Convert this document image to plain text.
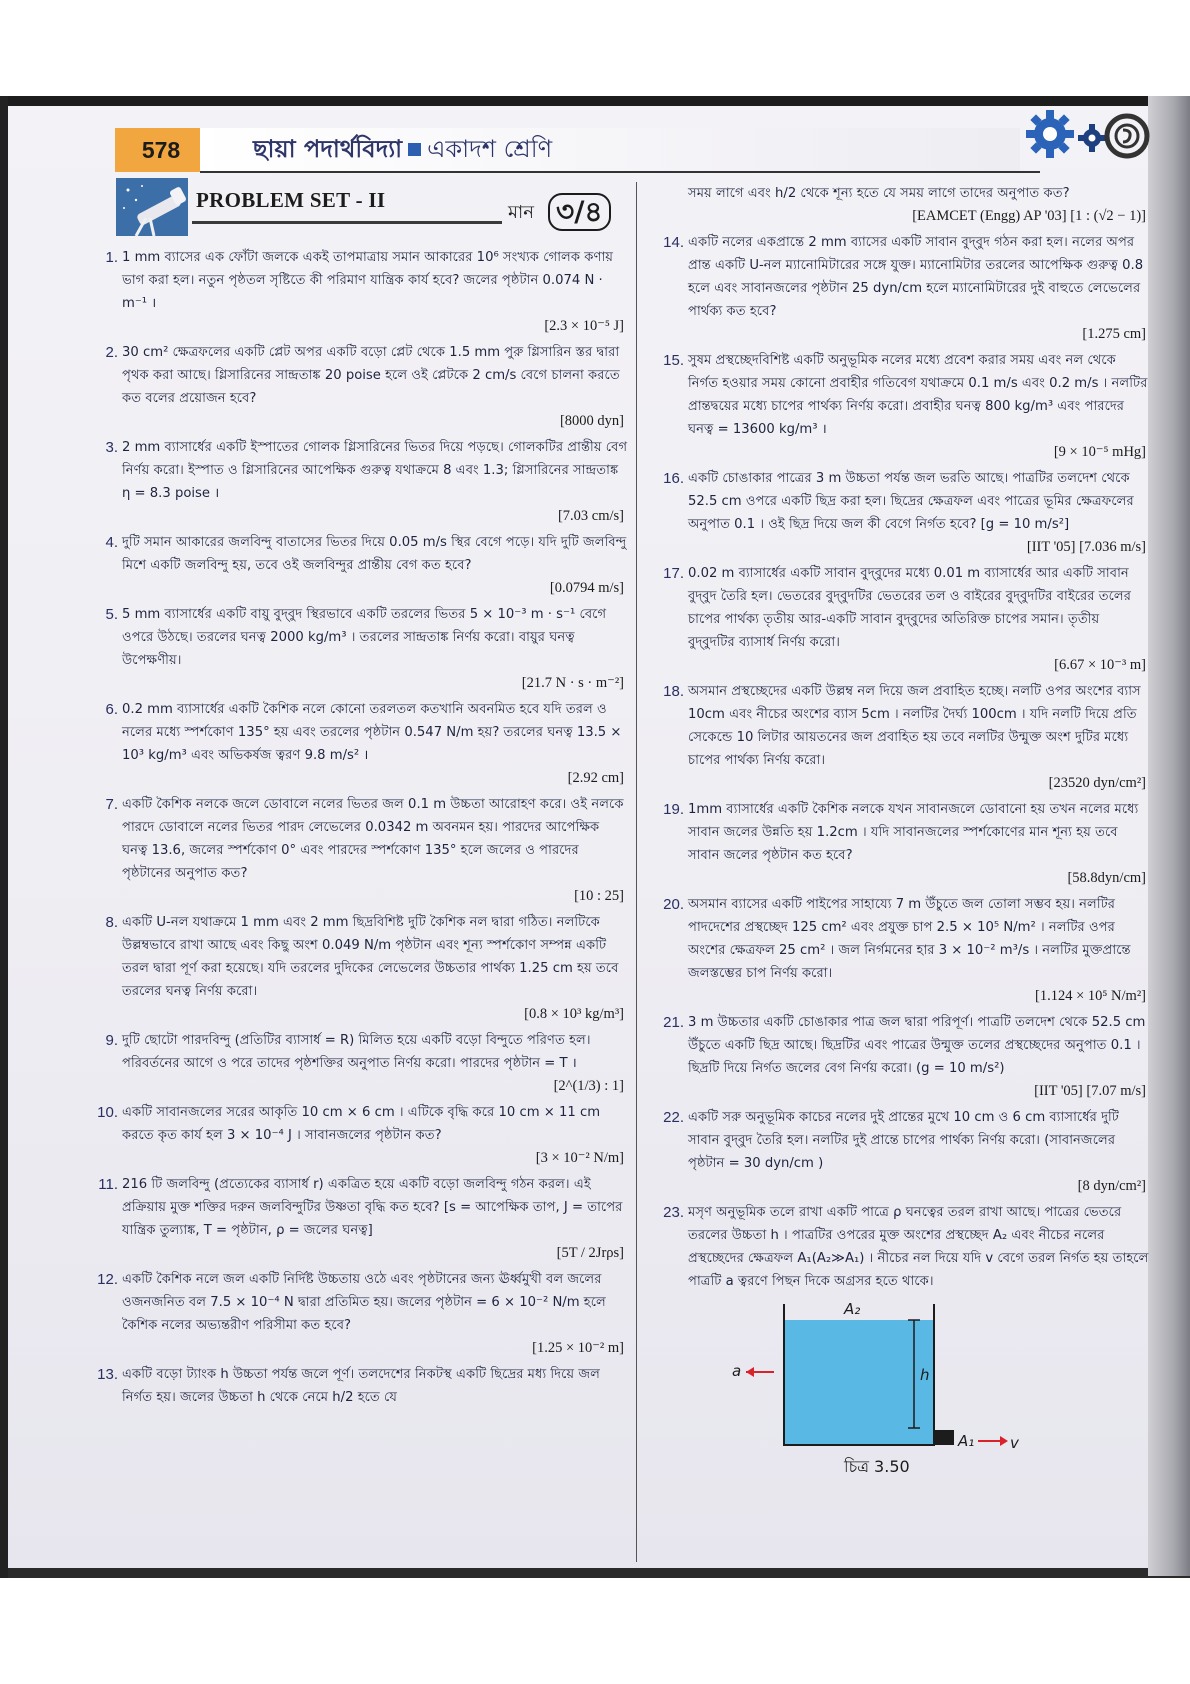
578	ছায়া পদার্থবিদ্যা একাদশ শ্রেণি
PROBLEM SET - II
মান ৩/৪
1. 1 mm ব্যাসের এক ফোঁটা জলকে একই তাপমাত্রায় সমান আকারের 10⁶ সংখ্যক গোলক কণায় ভাগ করা হল। নতুন পৃষ্ঠতল সৃষ্টিতে কী পরিমাণ যান্ত্রিক কার্য হবে? জলের পৃষ্ঠটান 0.074 N · m⁻¹ ।
[2.3 × 10⁻⁵ J]
2. 30 cm² ক্ষেত্রফলের একটি প্লেট অপর একটি বড়ো প্লেট থেকে 1.5 mm পুরু গ্লিসারিন স্তর দ্বারা পৃথক করা আছে। গ্লিসারিনের সান্দ্রতাঙ্ক 20 poise হলে ওই প্লেটকে 2 cm/s বেগে চালনা করতে কত বলের প্রয়োজন হবে?
[8000 dyn]
3. 2 mm ব্যাসার্ধের একটি ইস্পাতের গোলক গ্লিসারিনের ভিতর দিয়ে পড়ছে। গোলকটির প্রান্তীয় বেগ নির্ণয় করো। ইস্পাত ও গ্লিসারিনের আপেক্ষিক গুরুত্ব যথাক্রমে 8 এবং 1.3; গ্লিসারিনের সান্দ্রতাঙ্ক η = 8.3 poise ।
[7.03 cm/s]
4. দুটি সমান আকারের জলবিন্দু বাতাসের ভিতর দিয়ে 0.05 m/s স্থির বেগে পড়ে। যদি দুটি জলবিন্দু মিশে একটি জলবিন্দু হয়, তবে ওই জলবিন্দুর প্রান্তীয় বেগ কত হবে?
[0.0794 m/s]
5. 5 mm ব্যাসার্ধের একটি বায়ু বুদ্‌বুদ স্থিরভাবে একটি তরলের ভিতর 5 × 10⁻³ m · s⁻¹ বেগে ওপরে উঠছে। তরলের ঘনত্ব 2000 kg/m³ । তরলের সান্দ্রতাঙ্ক নির্ণয় করো। বায়ুর ঘনত্ব উপেক্ষণীয়।
[21.7 N · s · m⁻²]
6. 0.2 mm ব্যাসার্ধের একটি কৈশিক নলে কোনো তরলতল কতখানি অবনমিত হবে যদি তরল ও নলের মধ্যে স্পর্শকোণ 135° হয় এবং তরলের পৃষ্ঠটান 0.547 N/m হয়? তরলের ঘনত্ব 13.5 × 10³ kg/m³ এবং অভিকর্ষজ ত্বরণ 9.8 m/s² ।
[2.92 cm]
7. একটি কৈশিক নলকে জলে ডোবালে নলের ভিতর জল 0.1 m উচ্চতা আরোহণ করে। ওই নলকে পারদে ডোবালে নলের ভিতর পারদ লেভেলের 0.0342 m অবনমন হয়। পারদের আপেক্ষিক ঘনত্ব 13.6, জলের স্পর্শকোণ 0° এবং পারদের স্পর্শকোণ 135° হলে জলের ও পারদের পৃষ্ঠটানের অনুপাত কত?
[10 : 25]
8. একটি U-নল যথাক্রমে 1 mm এবং 2 mm ছিদ্রবিশিষ্ট দুটি কৈশিক নল দ্বারা গঠিত। নলটিকে উল্লম্বভাবে রাখা আছে এবং কিছু অংশ 0.049 N/m পৃষ্ঠটান এবং শূন্য স্পর্শকোণ সম্পন্ন একটি তরল দ্বারা পূর্ণ করা হয়েছে। যদি তরলের দুদিকের লেভেলের উচ্চতার পার্থক্য 1.25 cm হয় তবে তরলের ঘনত্ব নির্ণয় করো।
[0.8 × 10³ kg/m³]
9. দুটি ছোটো পারদবিন্দু (প্রতিটির ব্যাসার্ধ = R) মিলিত হয়ে একটি বড়ো বিন্দুতে পরিণত হল। পরিবর্তনের আগে ও পরে তাদের পৃষ্ঠশক্তির অনুপাত নির্ণয় করো। পারদের পৃষ্ঠটান = T ।
[2^(1/3) : 1]
10. একটি সাবানজলের সরের আকৃতি 10 cm × 6 cm । এটিকে বৃদ্ধি করে 10 cm × 11 cm করতে কৃত কার্য হল 3 × 10⁻⁴ J । সাবানজলের পৃষ্ঠটান কত?
[3 × 10⁻² N/m]
11. 216 টি জলবিন্দু (প্রত্যেকের ব্যাসার্ধ r) একত্রিত হয়ে একটি বড়ো জলবিন্দু গঠন করল। এই প্রক্রিয়ায় মুক্ত শক্তির দরুন জলবিন্দুটির উষ্ণতা বৃদ্ধি কত হবে? [s = আপেক্ষিক তাপ, J = তাপের যান্ত্রিক তুল্যাঙ্ক, T = পৃষ্ঠটান, ρ = জলের ঘনত্ব]
[5T / 2Jrρs]
12. একটি কৈশিক নলে জল একটি নির্দিষ্ট উচ্চতায় ওঠে এবং পৃষ্ঠটানের জন্য ঊর্ধ্বমুখী বল জলের ওজনজনিত বল 7.5 × 10⁻⁴ N দ্বারা প্রতিমিত হয়। জলের পৃষ্ঠটান = 6 × 10⁻² N/m হলে কৈশিক নলের অভ্যন্তরীণ পরিসীমা কত হবে?
[1.25 × 10⁻² m]
13. একটি বড়ো ট্যাংক h উচ্চতা পর্যন্ত জলে পূর্ণ। তলদেশের নিকটস্থ একটি ছিদ্রের মধ্য দিয়ে জল নির্গত হয়। জলের উচ্চতা h থেকে নেমে h/2 হতে যে
সময় লাগে এবং h/2 থেকে শূন্য হতে যে সময় লাগে তাদের অনুপাত কত?
[EAMCET (Engg) AP '03] [1 : (√2 − 1)]
14. একটি নলের একপ্রান্তে 2 mm ব্যাসের একটি সাবান বুদ্‌বুদ গঠন করা হল। নলের অপর প্রান্ত একটি U-নল ম্যানোমিটারের সঙ্গে যুক্ত। ম্যানোমিটার তরলের আপেক্ষিক গুরুত্ব 0.8 হলে এবং সাবানজলের পৃষ্ঠটান 25 dyn/cm হলে ম্যানোমিটারের দুই বাহুতে লেভেলের পার্থক্য কত হবে?
[1.275 cm]
15. সুষম প্রস্থচ্ছেদবিশিষ্ট একটি অনুভূমিক নলের মধ্যে প্রবেশ করার সময় এবং নল থেকে নির্গত হওয়ার সময় কোনো প্রবাহীর গতিবেগ যথাক্রমে 0.1 m/s এবং 0.2 m/s । নলটির প্রান্তদ্বয়ের মধ্যে চাপের পার্থক্য নির্ণয় করো। প্রবাহীর ঘনত্ব 800 kg/m³ এবং পারদের ঘনত্ব = 13600 kg/m³ ।
[9 × 10⁻⁵ mHg]
16. একটি চোঙাকার পাত্রের 3 m উচ্চতা পর্যন্ত জল ভরতি আছে। পাত্রটির তলদেশ থেকে 52.5 cm ওপরে একটি ছিদ্র করা হল। ছিদ্রের ক্ষেত্রফল এবং পাত্রের ভূমির ক্ষেত্রফলের অনুপাত 0.1 । ওই ছিদ্র দিয়ে জল কী বেগে নির্গত হবে? [g = 10 m/s²]
[IIT '05] [7.036 m/s]
17. 0.02 m ব্যাসার্ধের একটি সাবান বুদ্‌বুদের মধ্যে 0.01 m ব্যাসার্ধের আর একটি সাবান বুদ্‌বুদ তৈরি হল। ভেতরের বুদ্‌বুদটির ভেতরের তল ও বাইরের বুদ্‌বুদটির বাইরের তলের চাপের পার্থক্য তৃতীয় আর-একটি সাবান বুদ্‌বুদের অতিরিক্ত চাপের সমান। তৃতীয় বুদ্‌বুদটির ব্যাসার্ধ নির্ণয় করো।
[6.67 × 10⁻³ m]
18. অসমান প্রস্থচ্ছেদের একটি উল্লম্ব নল দিয়ে জল প্রবাহিত হচ্ছে। নলটি ওপর অংশের ব্যাস 10cm এবং নীচের অংশের ব্যাস 5cm । নলটির দৈর্ঘ্য 100cm । যদি নলটি দিয়ে প্রতি সেকেন্ডে 10 লিটার আয়তনের জল প্রবাহিত হয় তবে নলটির উন্মুক্ত অংশ দুটির মধ্যে চাপের পার্থক্য নির্ণয় করো।
[23520 dyn/cm²]
19. 1mm ব্যাসার্ধের একটি কৈশিক নলকে যখন সাবানজলে ডোবানো হয় তখন নলের মধ্যে সাবান জলের উন্নতি হয় 1.2cm । যদি সাবানজলের স্পর্শকোণের মান শূন্য হয় তবে সাবান জলের পৃষ্ঠটান কত হবে?
[58.8dyn/cm]
20. অসমান ব্যাসের একটি পাইপের সাহায্যে 7 m উঁচুতে জল তোলা সম্ভব হয়। নলটির পাদদেশের প্রস্থচ্ছেদ 125 cm² এবং প্রযুক্ত চাপ 2.5 × 10⁵ N/m² । নলটির ওপর অংশের ক্ষেত্রফল 25 cm² । জল নির্গমনের হার 3 × 10⁻² m³/s । নলটির মুক্তপ্রান্তে জলস্তম্ভের চাপ নির্ণয় করো।
[1.124 × 10⁵ N/m²]
21. 3 m উচ্চতার একটি চোঙাকার পাত্র জল দ্বারা পরিপূর্ণ। পাত্রটি তলদেশ থেকে 52.5 cm উঁচুতে একটি ছিদ্র আছে। ছিদ্রটির এবং পাত্রের উন্মুক্ত তলের প্রস্থচ্ছেদের অনুপাত 0.1 । ছিদ্রটি দিয়ে নির্গত জলের বেগ নির্ণয় করো। (g = 10 m/s²)
[IIT '05] [7.07 m/s]
22. একটি সরু অনুভূমিক কাচের নলের দুই প্রান্তের মুখে 10 cm ও 6 cm ব্যাসার্ধের দুটি সাবান বুদ্‌বুদ তৈরি হল। নলটির দুই প্রান্তে চাপের পার্থক্য নির্ণয় করো। (সাবানজলের পৃষ্ঠটান = 30 dyn/cm )
[8 dyn/cm²]
23. মসৃণ অনুভূমিক তলে রাখা একটি পাত্রে ρ ঘনত্বের তরল রাখা আছে। পাত্রের ভেতরে তরলের উচ্চতা h । পাত্রটির ওপরের মুক্ত অংশের প্রস্থচ্ছেদ A₂ এবং নীচের নলের প্রস্থচ্ছেদের ক্ষেত্রফল A₁(A₂≫A₁) । নীচের নল দিয়ে যদি v বেগে তরল নির্গত হয় তাহলে পাত্রটি a ত্বরণে পিছন দিকে অগ্রসর হতে থাকে।
A₂
h
a
A₁ v
চিত্র 3.50
